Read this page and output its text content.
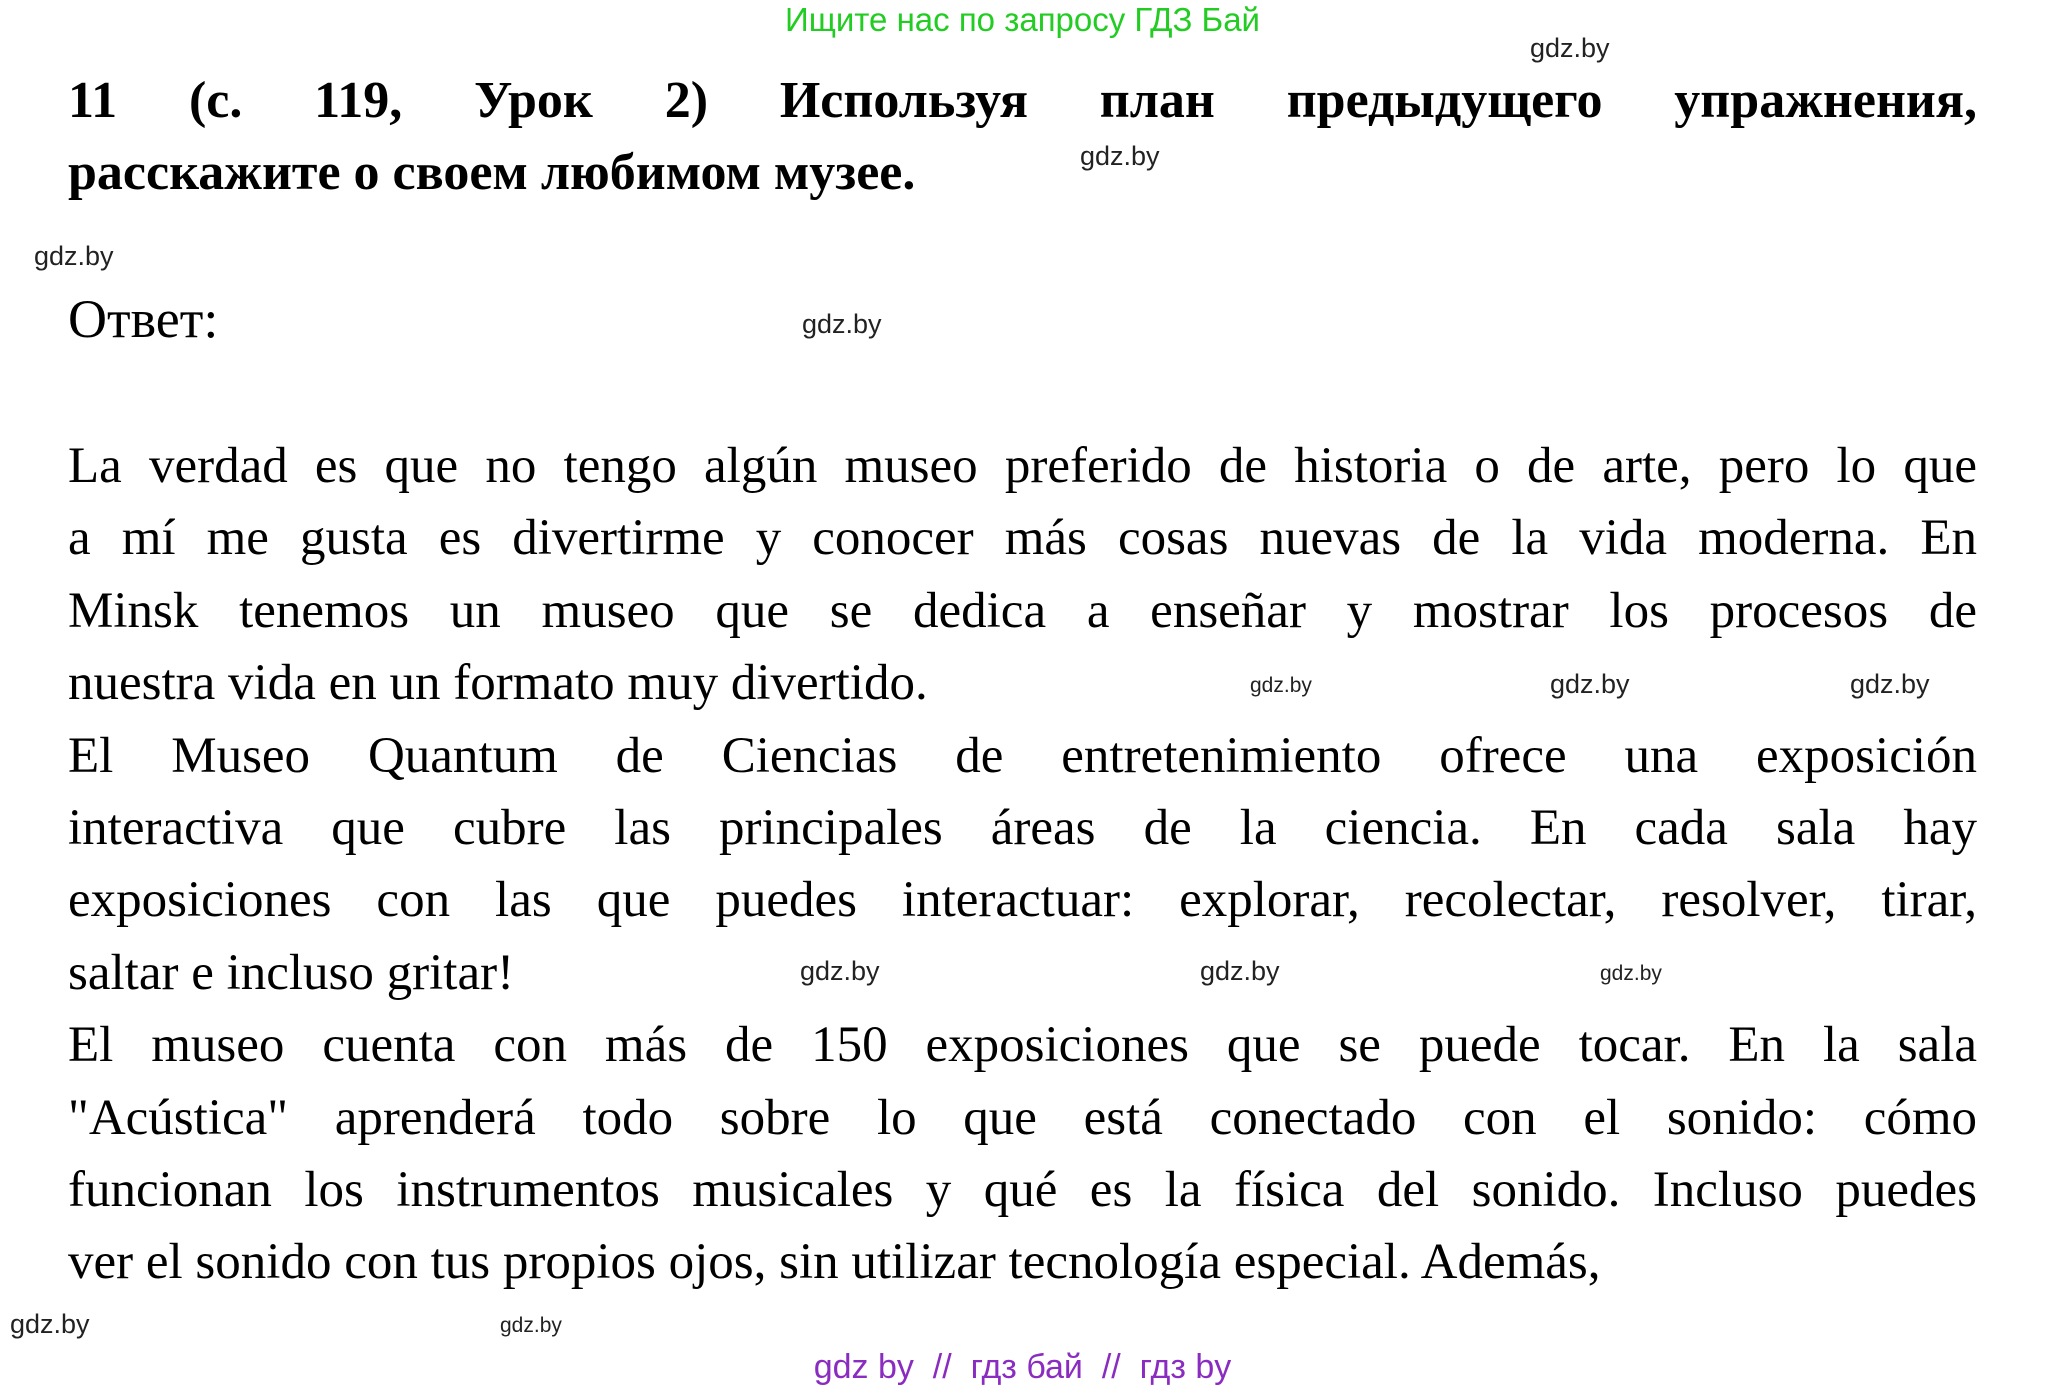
Ищите нас по запросу ГДЗ Бай
11 (с. 119, Урок 2) Используя план предыдущего упражнения,
расскажите о своем любимом музее.
Ответ:
La verdad es que no tengo algún museo preferido de historia o de arte, pero lo que
a mí me gusta es divertirme y conocer más cosas nuevas de la vida moderna. En
Minsk tenemos un museo que se dedica a enseñar y mostrar los procesos de
nuestra vida en un formato muy divertido.
El Museo Quantum de Ciencias de entretenimiento ofrece una exposición
interactiva que cubre las principales áreas de la ciencia. En cada sala hay
exposiciones con las que puedes interactuar: explorar, recolectar, resolver, tirar,
saltar e incluso gritar!
El museo cuenta con más de 150 exposiciones que se puede tocar. En la sala
"Acústica" aprenderá todo sobre lo que está conectado con el sonido: cómo
funcionan los instrumentos musicales y qué es la física del sonido. Incluso puedes
ver el sonido con tus propios ojos, sin utilizar tecnología especial. Además,
gdz.by
gdz.by
gdz.by
gdz.by
gdz.by	gdz.by	gdz.by
gdz.by	gdz.by	gdz.by
gdz.by
gdz.by
gdz by  //  гдз бай  //  гдз by
